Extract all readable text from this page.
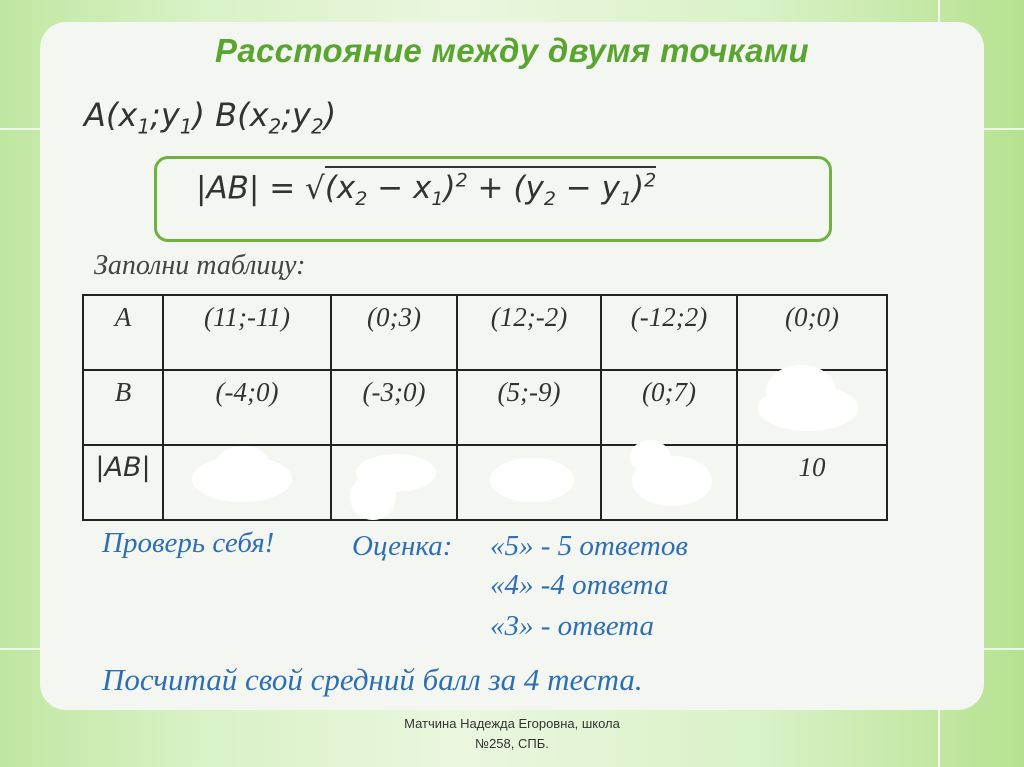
Расстояние между двумя точками
$A(x_1;y_1)$ $B(x_2;y_2)$
$|AB| = √(x_2 - x_1)^2 + (y_2 - y_1)^2$
Заполни таблицу:
A	(11;-11)	(0;3)	(12;-2)	(-12;2)	(0;0)
B	(-4;0)	(-3;0)	(5;-9)	(0;7)	

|AB|					10
Проверь себя!	Оценка: «5» - 5 ответов
«4» -4 ответа
«3» - ответа
Посчитай свой средний балл за 4 теста.
Матчина Надежда Егоровна, школа
№258, СПБ.
